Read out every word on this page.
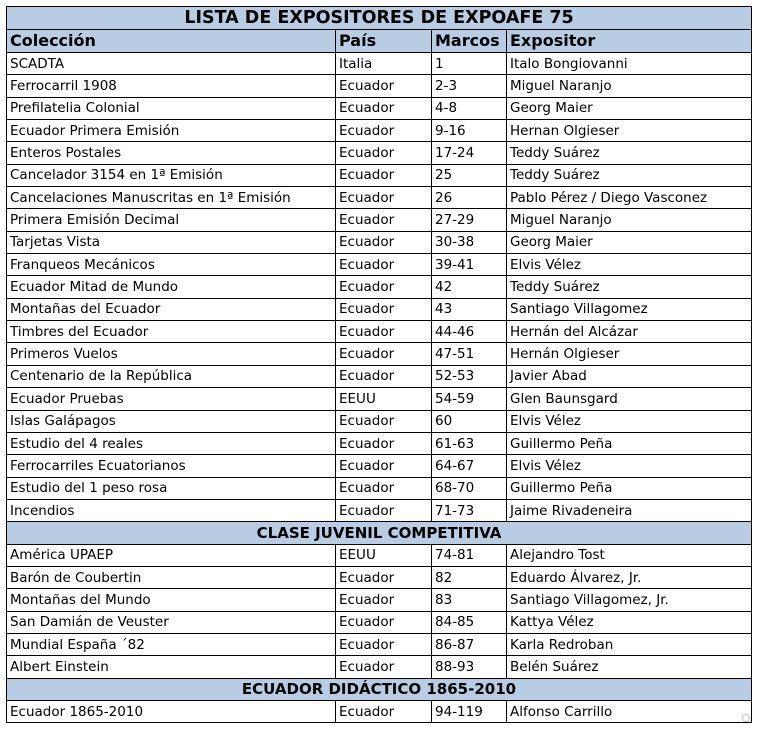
LISTA DE EXPOSITORES DE EXPOAFE 75			
Colección	País	Marcos	Expositor
SCADTA	Italia	1	Italo Bongiovanni
Ferrocarril 1908	Ecuador	2-3	Miguel Naranjo
Prefilatelia Colonial	Ecuador	4-8	Georg Maier
Ecuador Primera Emisión	Ecuador	9-16	Hernan Olgieser
Enteros Postales	Ecuador	17-24	Teddy Suárez
Cancelador 3154 en 1ª Emisión	Ecuador	25	Teddy Suárez
Cancelaciones Manuscritas en 1ª Emisión	Ecuador	26	Pablo Pérez / Diego Vasconez
Primera Emisión Decimal	Ecuador	27-29	Miguel Naranjo
Tarjetas Vista	Ecuador	30-38	Georg Maier
Franqueos Mecánicos	Ecuador	39-41	Elvis Vélez
Ecuador Mitad de Mundo	Ecuador	42	Teddy Suárez
Montañas del Ecuador	Ecuador	43	Santiago Villagomez
Timbres del Ecuador	Ecuador	44-46	Hernán del Alcázar
Primeros Vuelos	Ecuador	47-51	Hernán Olgieser
Centenario de la República	Ecuador	52-53	Javier Abad
Ecuador Pruebas	EEUU	54-59	Glen Baunsgard
Islas Galápagos	Ecuador	60	Elvis Vélez
Estudio del 4 reales	Ecuador	61-63	Guillermo Peña
Ferrocarriles Ecuatorianos	Ecuador	64-67	Elvis Vélez
Estudio del 1 peso rosa	Ecuador	68-70	Guillermo Peña
Incendios	Ecuador	71-73	Jaime Rivadeneira
CLASE JUVENIL COMPETITIVA			
América UPAEP	EEUU	74-81	Alejandro Tost
Barón de Coubertin	Ecuador	82	Eduardo Álvarez, Jr.
Montañas del Mundo	Ecuador	83	Santiago Villagomez, Jr.
San Damián de Veuster	Ecuador	84-85	Kattya Vélez
Mundial España ´82	Ecuador	86-87	Karla Redroban
Albert Einstein	Ecuador	88-93	Belén Suárez
ECUADOR DIDÁCTICO 1865-2010			
Ecuador 1865-2010	Ecuador	94-119	Alfonso Carrillo
